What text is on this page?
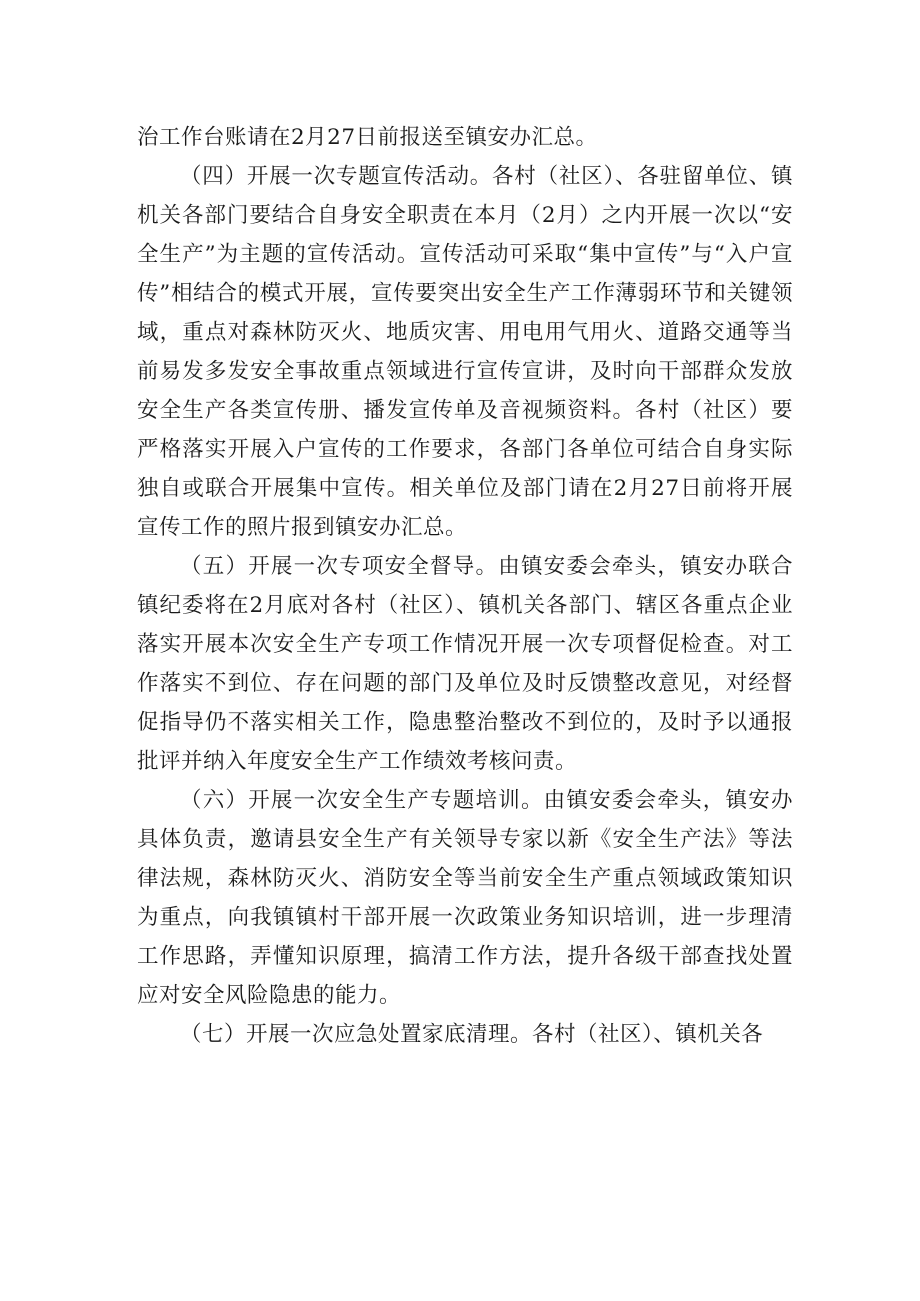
治工作台账请在2月27日前报送至镇安办汇总。

（四）开展一次专题宣传活动。各村（社区）、各驻留单位、镇机关各部门要结合自身安全职责在本月（2月）之内开展一次以“安全生产”为主题的宣传活动。宣传活动可采取“集中宣传”与“入户宣传”相结合的模式开展，宣传要突出安全生产工作薄弱环节和关键领域，重点对森林防灭火、地质灾害、用电用气用火、道路交通等当前易发多发安全事故重点领域进行宣传宣讲，及时向干部群众发放安全生产各类宣传册、播发宣传单及音视频资料。各村（社区）要严格落实开展入户宣传的工作要求，各部门各单位可结合自身实际独自或联合开展集中宣传。相关单位及部门请在2月27日前将开展宣传工作的照片报到镇安办汇总。

（五）开展一次专项安全督导。由镇安委会牵头，镇安办联合镇纪委将在2月底对各村（社区）、镇机关各部门、辖区各重点企业落实开展本次安全生产专项工作情况开展一次专项督促检查。对工作落实不到位、存在问题的部门及单位及时反馈整改意见，对经督促指导仍不落实相关工作，隐患整治整改不到位的，及时予以通报批评并纳入年度安全生产工作绩效考核问责。

（六）开展一次安全生产专题培训。由镇安委会牵头，镇安办具体负责，邀请县安全生产有关领导专家以新《安全生产法》等法律法规，森林防灭火、消防安全等当前安全生产重点领域政策知识为重点，向我镇镇村干部开展一次政策业务知识培训，进一步理清工作思路，弄懂知识原理，搞清工作方法，提升各级干部查找处置应对安全风险隐患的能力。

（七）开展一次应急处置家底清理。各村（社区）、镇机关各
